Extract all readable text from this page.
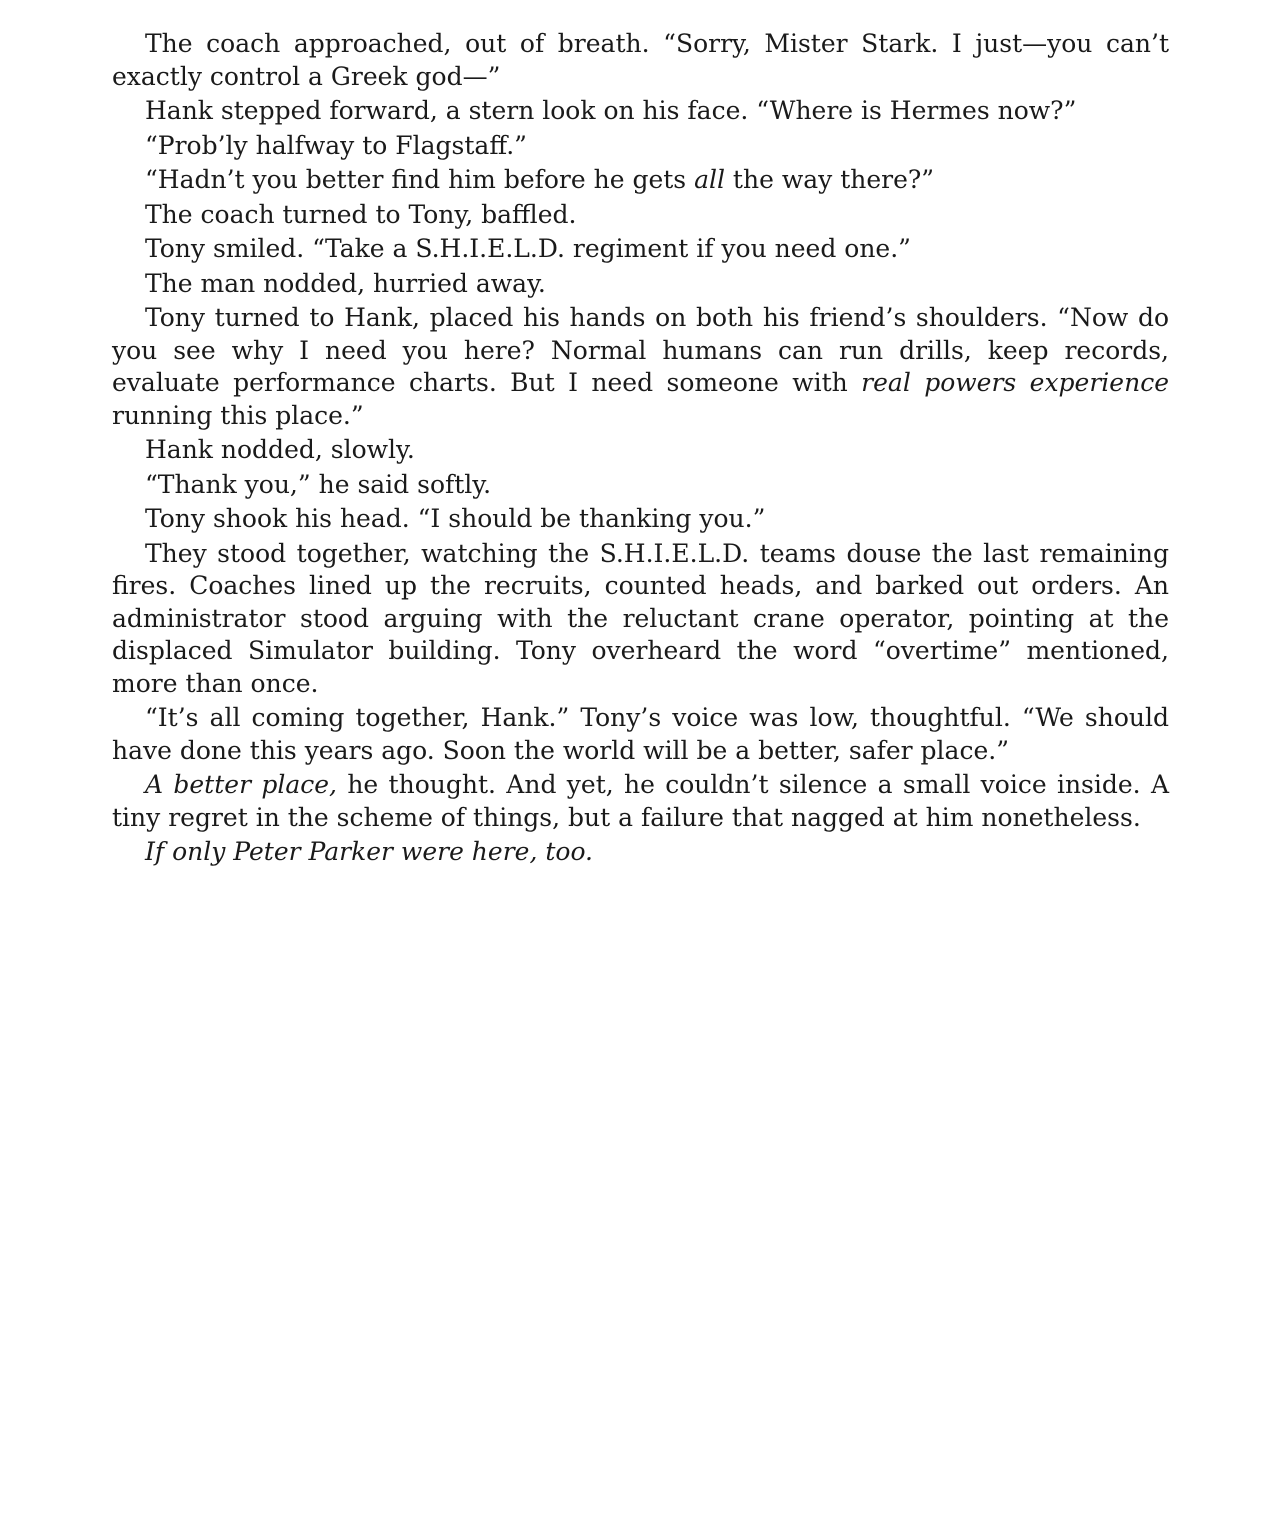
The coach approached, out of breath. “Sorry, Mister Stark. I just—you can’t exactly control a Greek god—”

Hank stepped forward, a stern look on his face. “Where is Hermes now?”

“Prob’ly halfway to Flagstaff.”

“Hadn’t you better find him before he gets all the way there?”

The coach turned to Tony, baffled.

Tony smiled. “Take a S.H.I.E.L.D. regiment if you need one.”

The man nodded, hurried away.

Tony turned to Hank, placed his hands on both his friend’s shoulders. “Now do you see why I need you here? Normal humans can run drills, keep records, evaluate performance charts. But I need someone with real powers experience running this place.”

Hank nodded, slowly.

“Thank you,” he said softly.

Tony shook his head. “I should be thanking you.”

They stood together, watching the S.H.I.E.L.D. teams douse the last remaining fires. Coaches lined up the recruits, counted heads, and barked out orders. An administrator stood arguing with the reluctant crane operator, pointing at the displaced Simulator building. Tony overheard the word “overtime” mentioned, more than once.

“It’s all coming together, Hank.” Tony’s voice was low, thoughtful. “We should have done this years ago. Soon the world will be a better, safer place.”

A better place, he thought. And yet, he couldn’t silence a small voice inside. A tiny regret in the scheme of things, but a failure that nagged at him nonetheless.

If only Peter Parker were here, too.
